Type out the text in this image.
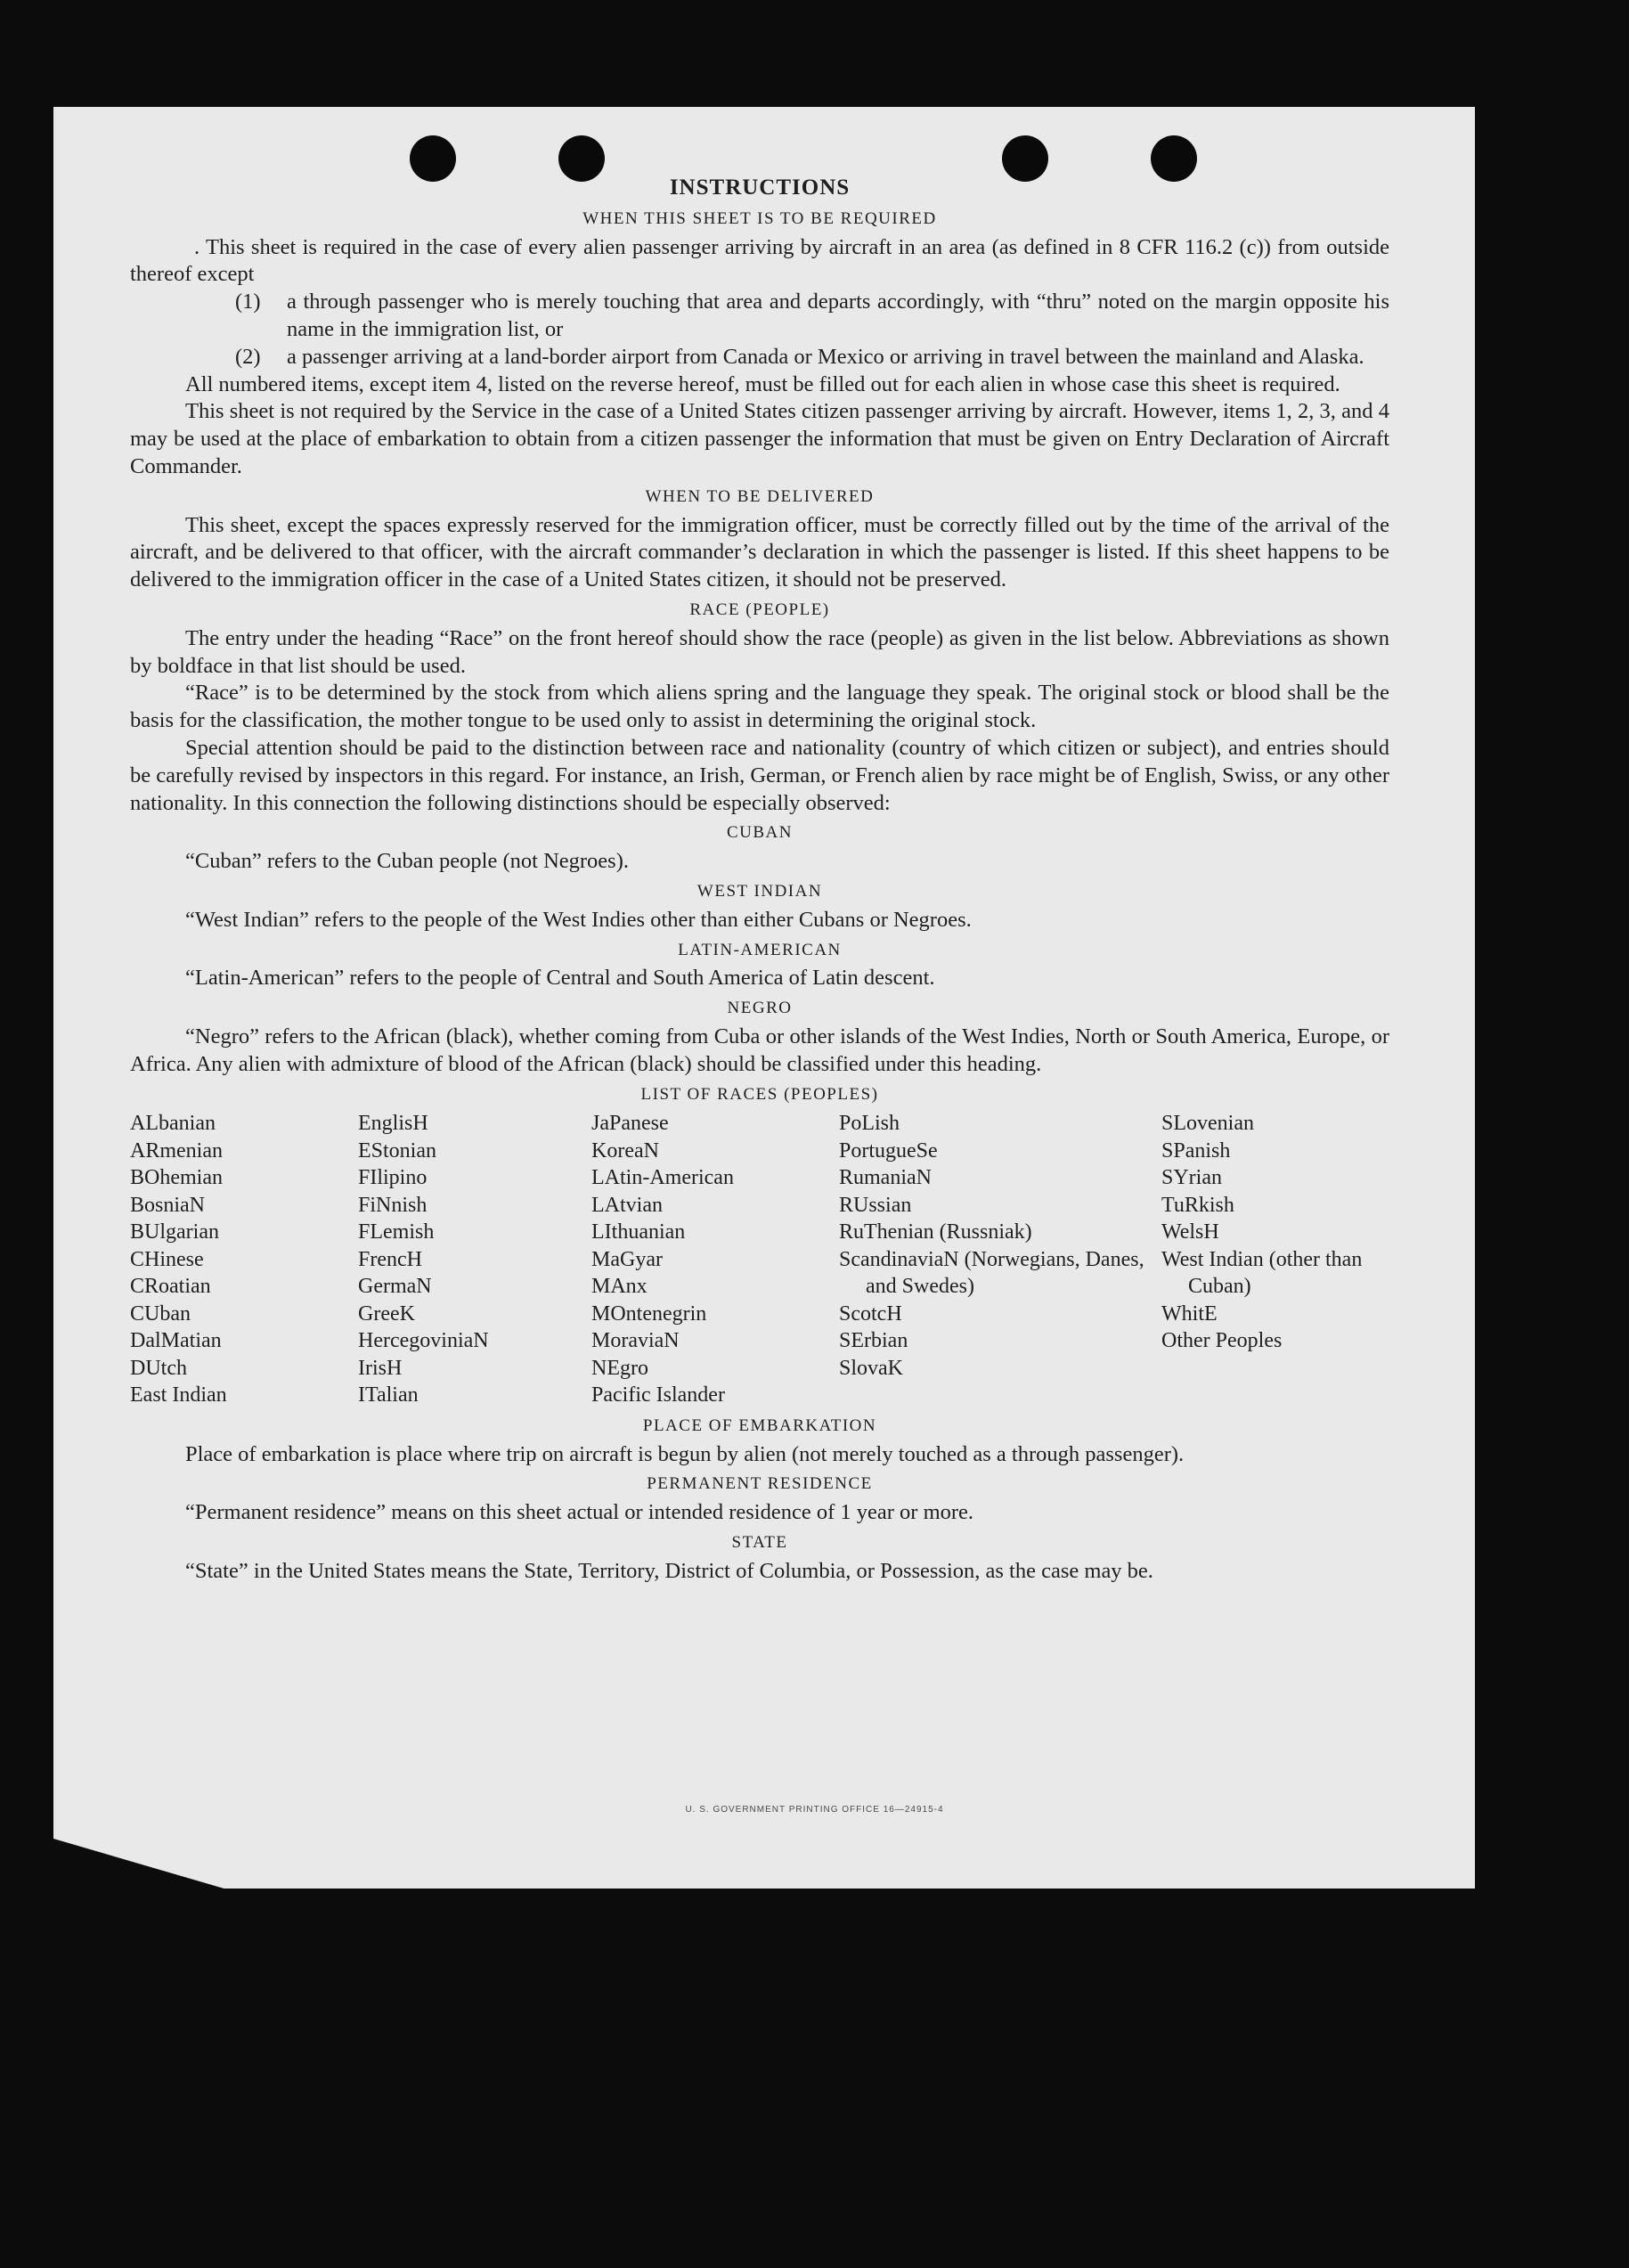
INSTRUCTIONS
WHEN THIS SHEET IS TO BE REQUIRED

. This sheet is required in the case of every alien passenger arriving by aircraft in an area (as defined in 8 CFR 116.2 (c)) from outside thereof except

(1)	a through passenger who is merely touching that area and departs accordingly, with “thru” noted on the margin opposite his name in the immigration list, or
(2)	a passenger arriving at a land-border airport from Canada or Mexico or arriving in travel between the mainland and Alaska.

All numbered items, except item 4, listed on the reverse hereof, must be filled out for each alien in whose case this sheet is required.

This sheet is not required by the Service in the case of a United States citizen passenger arriving by aircraft. However, items 1, 2, 3, and 4 may be used at the place of embarkation to obtain from a citizen passenger the information that must be given on Entry Declaration of Aircraft Commander.

WHEN TO BE DELIVERED

This sheet, except the spaces expressly reserved for the immigration officer, must be correctly filled out by the time of the arrival of the aircraft, and be delivered to that officer, with the aircraft commander’s declaration in which the passenger is listed. If this sheet happens to be delivered to the immigration officer in the case of a United States citizen, it should not be preserved.

RACE (PEOPLE)

The entry under the heading “Race” on the front hereof should show the race (people) as given in the list below. Abbreviations as shown by boldface in that list should be used.

“Race” is to be determined by the stock from which aliens spring and the language they speak. The original stock or blood shall be the basis for the classification, the mother tongue to be used only to assist in determining the original stock.

Special attention should be paid to the distinction between race and nationality (country of which citizen or subject), and entries should be carefully revised by inspectors in this regard. For instance, an Irish, German, or French alien by race might be of English, Swiss, or any other nationality. In this connection the following distinctions should be especially observed:

CUBAN

“Cuban” refers to the Cuban people (not Negroes).

WEST INDIAN

“West Indian” refers to the people of the West Indies other than either Cubans or Negroes.

LATIN-AMERICAN

“Latin-American” refers to the people of Central and South America of Latin descent.

NEGRO

“Negro” refers to the African (black), whether coming from Cuba or other islands of the West Indies, North or South America, Europe, or Africa. Any alien with admixture of blood of the African (black) should be classified under this heading.

LIST OF RACES (PEOPLES)
ALbanian
ARmenian
BOhemian
BosniaN
BUlgarian
CHinese
CRoatian
CUban
DalMatian
DUtch
East Indian
EnglisH
EStonian
FIlipino
FiNnish
FLemish
FrencH
GermaN
GreeK
HercegoviniaN
IrisH
ITalian
JaPanese
KoreaN
LAtin-American
LAtvian
LIthuanian
MaGyar
MAnx
MOntenegrin
MoraviaN
NEgro
Pacific Islander
PoLish
PortugueSe
RumaniaN
RUssian
RuThenian (Russniak)
ScandinaviaN (Norwegians, Danes, and Swedes)
ScotcH
SErbian
SlovaK
SLovenian
SPanish
SYrian
TuRkish
WelsH
West Indian (other than Cuban)
WhitE
Other Peoples
PLACE OF EMBARKATION

Place of embarkation is place where trip on aircraft is begun by alien (not merely touched as a through passenger).

PERMANENT RESIDENCE

“Permanent residence” means on this sheet actual or intended residence of 1 year or more.

STATE

“State” in the United States means the State, Territory, District of Columbia, or Possession, as the case may be.

U. S. GOVERNMENT PRINTING OFFICE 16—24915-4
